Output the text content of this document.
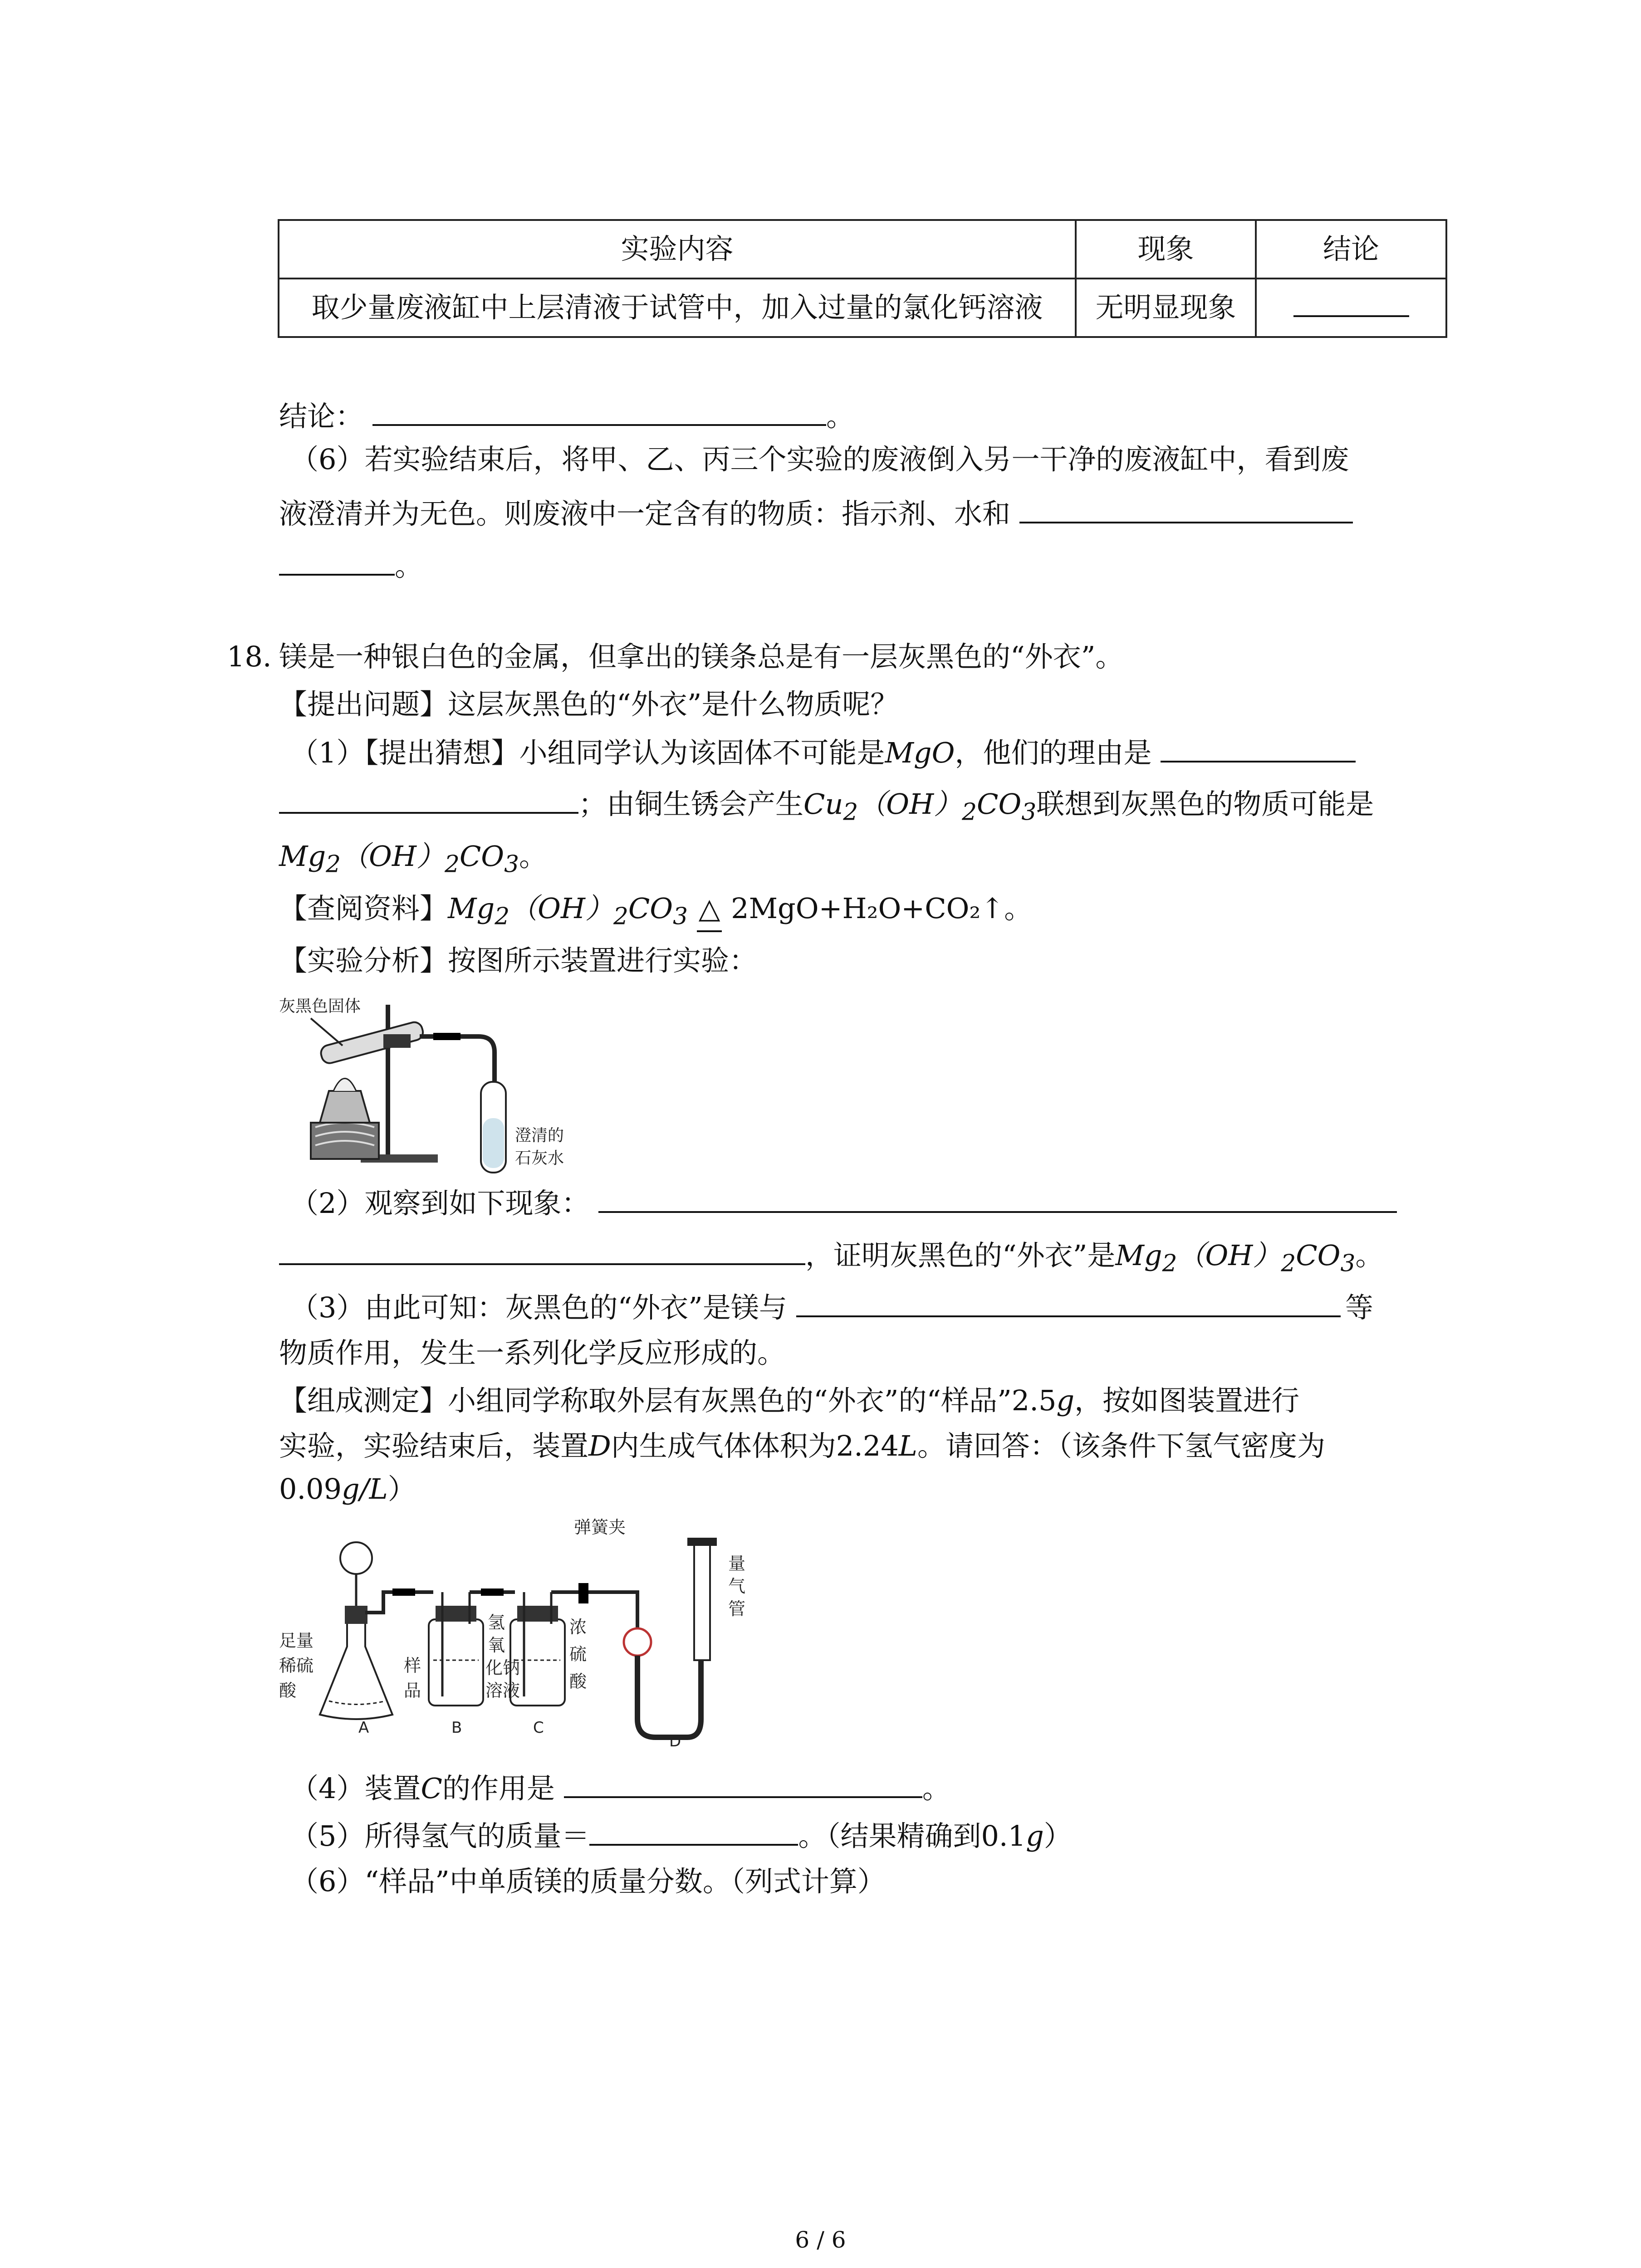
实验内容	现象	结论
取少量废液缸中上层清液于试管中，加入过量的氯化钙溶液	无明显现象	
结论：	。
（6）若实验结束后，将甲、乙、丙三个实验的废液倒入另一干净的废液缸中，看到废
液澄清并为无色。则废液中一定含有的物质：指示剂、水和
。
18. 镁是一种银白色的金属，但拿出的镁条总是有一层灰黑色的“外衣”。
【提出问题】这层灰黑色的“外衣”是什么物质呢？
（1）【提出猜想】小组同学认为该固体不可能是MgO，他们的理由是
；由铜生锈会产生$Cu_2(OH)_2CO_3$联想到灰黑色的物质可能是
$Mg_2(OH)_2CO_3$。
【查阅资料】$Mg_2(OH)_2CO_3$ △ 2MgO+H₂O+CO₂↑。
【实验分析】按图所示装置进行实验：
灰黑色固体
澄清的
石灰水
（2）观察到如下现象：
，证明灰黑色的“外衣”是$Mg_2(OH)_2CO_3$。
（3）由此可知：灰黑色的“外衣”是镁与	等
物质作用，发生一系列化学反应形成的。
【组成测定】小组同学称取外层有灰黑色的“外衣”的“样品”2.5g，按如图装置进行
实验，实验结束后，装置D内生成气体体积为2.24L。请回答：（该条件下氢气密度为
0.09g/L）
弹簧夹
量
气
管
足量
稀硫
酸
样
品
氢
氧
化钠
溶液
浓
硫
酸
A	B	C
D
（4）装置C的作用是	。
（5）所得氢气的质量＝	。（结果精确到0.1g）
（6）“样品”中单质镁的质量分数。（列式计算）
6 / 6
